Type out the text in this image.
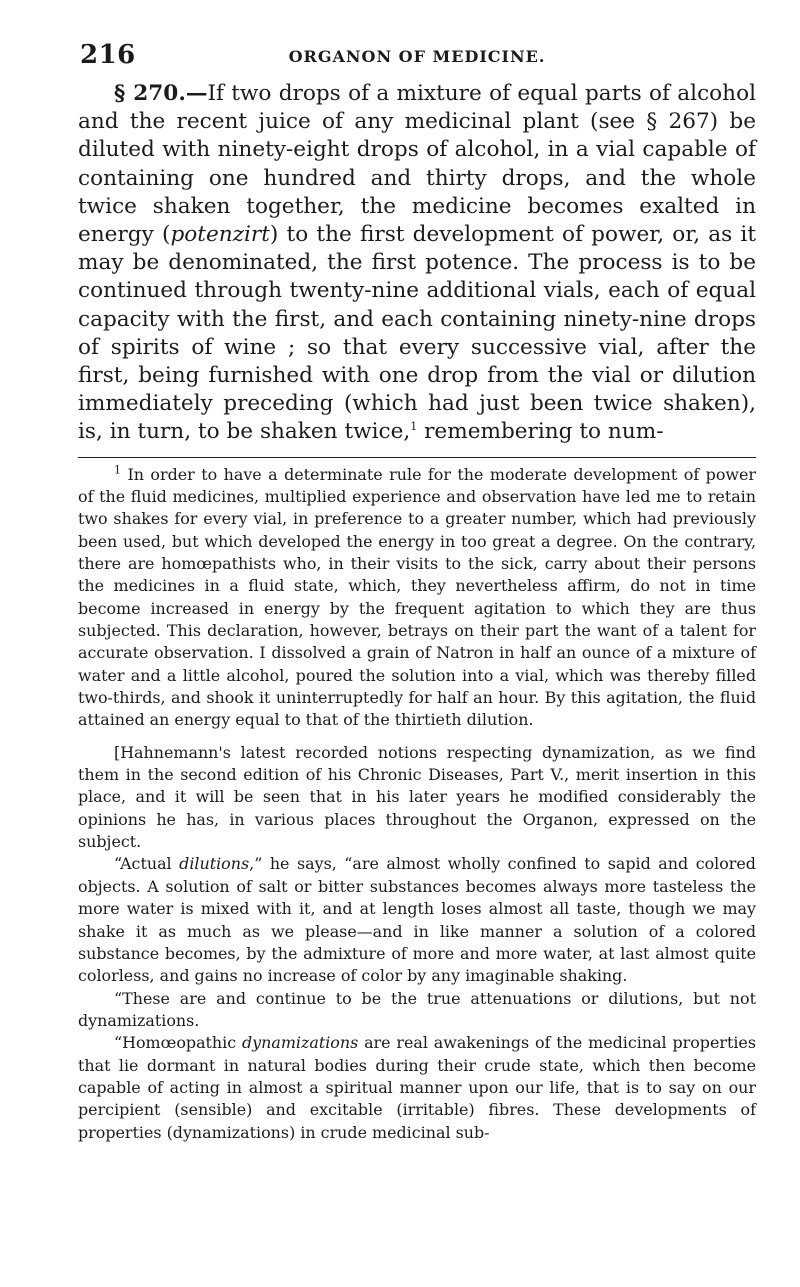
216	ORGANON OF MEDICINE.

§ 270.—If two drops of a mixture of equal parts of alcohol and the recent juice of any medicinal plant (see § 267) be diluted with ninety-eight drops of alcohol, in a vial capable of containing one hundred and thirty drops, and the whole twice shaken together, the medicine becomes exalted in energy (potenzirt) to the first development of power, or, as it may be denominated, the first potence. The process is to be continued through twenty-nine additional vials, each of equal capacity with the first, and each containing ninety-nine drops of spirits of wine ; so that every successive vial, after the first, being furnished with one drop from the vial or dilution immediately preceding (which had just been twice shaken), is, in turn, to be shaken twice,$^1$ remembering to num-

$^1$ In order to have a determinate rule for the moderate development of power of the fluid medicines, multiplied experience and observation have led me to retain two shakes for every vial, in preference to a greater number, which had previously been used, but which developed the energy in too great a degree. On the contrary, there are homœpathists who, in their visits to the sick, carry about their persons the medicines in a fluid state, which, they nevertheless affirm, do not in time become increased in energy by the frequent agitation to which they are thus subjected. This declaration, however, betrays on their part the want of a talent for accurate observation. I dissolved a grain of Natron in half an ounce of a mixture of water and a little alcohol, poured the solution into a vial, which was thereby filled two-thirds, and shook it uninterruptedly for half an hour. By this agitation, the fluid attained an energy equal to that of the thirtieth dilution.

[Hahnemann's latest recorded notions respecting dynamization, as we find them in the second edition of his Chronic Diseases, Part V., merit insertion in this place, and it will be seen that in his later years he modified considerably the opinions he has, in various places throughout the Organon, expressed on the subject.

“Actual dilutions,” he says, “are almost wholly confined to sapid and colored objects. A solution of salt or bitter substances becomes always more tasteless the more water is mixed with it, and at length loses almost all taste, though we may shake it as much as we please—and in like manner a solution of a colored substance becomes, by the admixture of more and more water, at last almost quite colorless, and gains no increase of color by any imaginable shaking.

“These are and continue to be the true attenuations or dilutions, but not dynamizations.

“Homœopathic dynamizations are real awakenings of the medicinal properties that lie dormant in natural bodies during their crude state, which then become capable of acting in almost a spiritual manner upon our life, that is to say on our percipient (sensible) and excitable (irritable) fibres. These developments of properties (dynamizations) in crude medicinal sub-
